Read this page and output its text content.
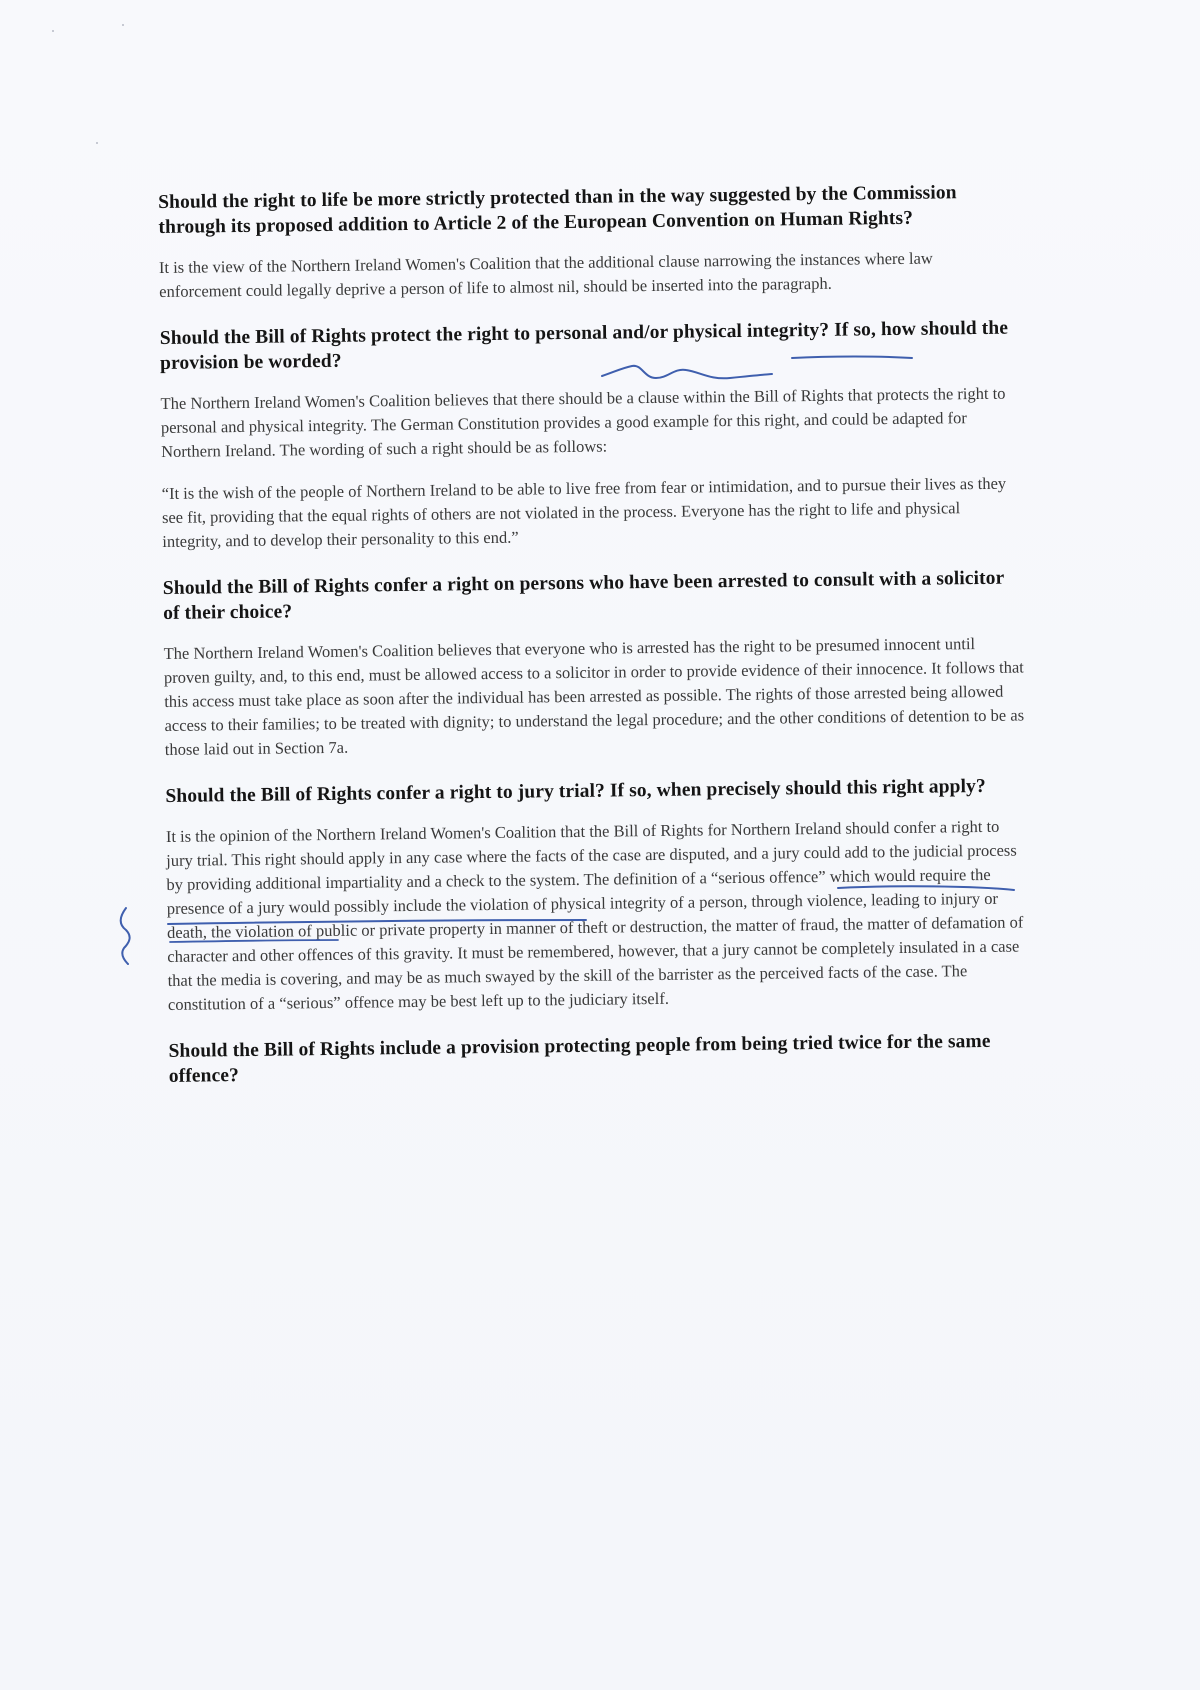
Should the right to life be more strictly protected than in the way suggested by the Commission through its proposed addition to Article 2 of the European Convention on Human Rights?

It is the view of the Northern Ireland Women's Coalition that the additional clause narrowing the instances where law enforcement could legally deprive a person of life to almost nil, should be inserted into the paragraph.

Should the Bill of Rights protect the right to personal and/or physical integrity? If so, how should the provision be worded?

The Northern Ireland Women's Coalition believes that there should be a clause within the Bill of Rights that protects the right to personal and physical integrity. The German Constitution provides a good example for this right, and could be adapted for Northern Ireland. The wording of such a right should be as follows:

“It is the wish of the people of Northern Ireland to be able to live free from fear or intimidation, and to pursue their lives as they see fit, providing that the equal rights of others are not violated in the process. Everyone has the right to life and physical integrity, and to develop their personality to this end.”

Should the Bill of Rights confer a right on persons who have been arrested to consult with a solicitor of their choice?

The Northern Ireland Women's Coalition believes that everyone who is arrested has the right to be presumed innocent until proven guilty, and, to this end, must be allowed access to a solicitor in order to provide evidence of their innocence. It follows that this access must take place as soon after the individual has been arrested as possible. The rights of those arrested being allowed access to their families; to be treated with dignity; to understand the legal procedure; and the other conditions of detention to be as those laid out in Section 7a.

Should the Bill of Rights confer a right to jury trial? If so, when precisely should this right apply?

It is the opinion of the Northern Ireland Women's Coalition that the Bill of Rights for Northern Ireland should confer a right to jury trial. This right should apply in any case where the facts of the case are disputed, and a jury could add to the judicial process by providing additional impartiality and a check to the system. The definition of a “serious offence” which would require the presence of a jury would possibly include the violation of physical integrity of a person, through violence, leading to injury or death, the violation of public or private property in manner of theft or destruction, the matter of fraud, the matter of defamation of character and other offences of this gravity. It must be remembered, however, that a jury cannot be completely insulated in a case that the media is covering, and may be as much swayed by the skill of the barrister as the perceived facts of the case. The constitution of a “serious” offence may be best left up to the judiciary itself.

Should the Bill of Rights include a provision protecting people from being tried twice for the same offence?
